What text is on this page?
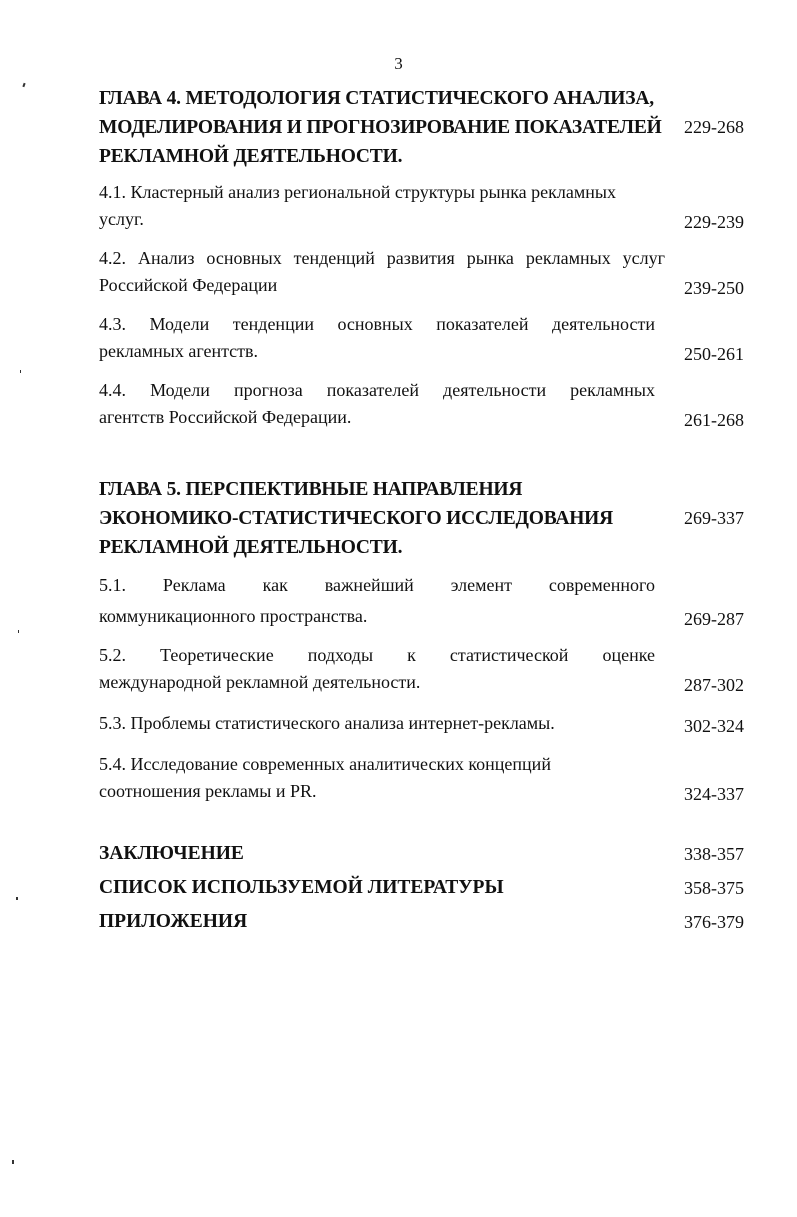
3
ГЛАВА 4. МЕТОДОЛОГИЯ СТАТИСТИЧЕСКОГО АНАЛИЗА,
МОДЕЛИРОВАНИЯ И ПРОГНОЗИРОВАНИЕ ПОКАЗАТЕЛЕЙ
РЕКЛАМНОЙ ДЕЯТЕЛЬНОСТИ.
229-268
4.1. Кластерный анализ региональной структуры рынка рекламных
услуг.	229-239
4.2. Анализ основных тенденций развития рынка рекламных услуг
Российской Федерации	239-250
4.3. Модели тенденции основных показателей деятельности
рекламных агентств.	250-261
4.4. Модели прогноза показателей деятельности рекламных
агентств Российской Федерации.	261-268
ГЛАВА 5. ПЕРСПЕКТИВНЫЕ НАПРАВЛЕНИЯ
ЭКОНОМИКО-СТАТИСТИЧЕСКОГО ИССЛЕДОВАНИЯ
РЕКЛАМНОЙ ДЕЯТЕЛЬНОСТИ.
269-337
5.1. Реклама как важнейший элемент современного
коммуникационного пространства.	269-287
5.2. Теоретические подходы к статистической оценке
международной рекламной деятельности.	287-302
5.3. Проблемы статистического анализа интернет-рекламы.	302-324
5.4. Исследование современных аналитических концепций
соотношения рекламы и PR.	324-337
ЗАКЛЮЧЕНИЕ	338-357
СПИСОК ИСПОЛЬЗУЕМОЙ ЛИТЕРАТУРЫ	358-375
ПРИЛОЖЕНИЯ	376-379
